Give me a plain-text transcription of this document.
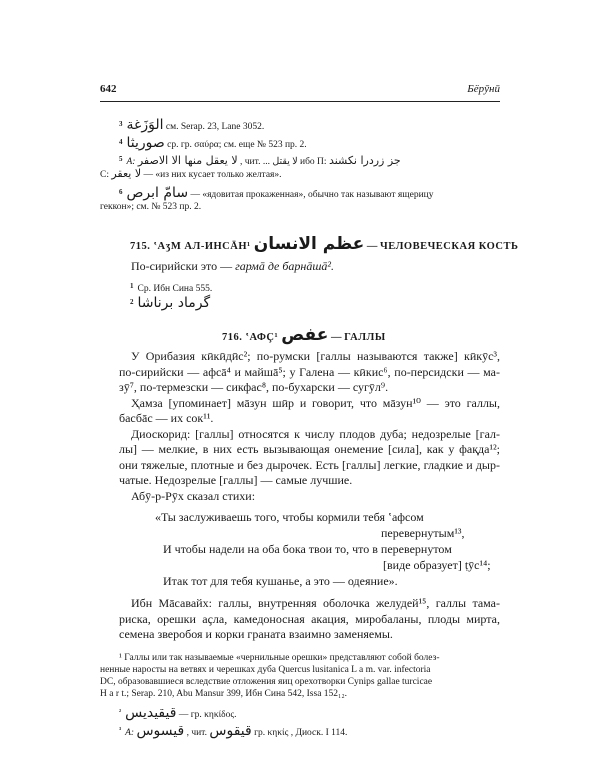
642	Бёрӯнӣ
$^3$ الوَزَغة см. Serap. 23, Lane 3052.
$^4$ صوريثا ср. гр. σαύρα; см. еще № 523 пр. 2.
$^5$ A: لا يعقل منها الا الاصفر , чит. ... لا يقتل ибо П: جز زردرا نكشند
C: لا يعقر — «из них кусает только желтая».
$^6$ سامّ ابرص — «ядовитая прокаженная», обычно так называют ящерицу
геккон»; см. № 523 пр. 2.
715. ʽАʒМ АЛ-ИНСĀН¹ عظم الانسان — ЧЕЛОВЕЧЕСКАЯ КОСТЬ
По-сирийски это — гармā де барнāшā².
$^1$ Ср. Ибн Сина 555.
$^2$ گرماد برناشا
716. ʽАФҪ¹ عفص — ГАЛЛЫ
У Орибазия кӣкӣдӣс²; по-румски [галлы называются также] кӣкӯс³,
по-сирийски — афсā⁴ и майшā⁵; у Галена — кӣкис⁶, по-персидски — ма-
зӯ⁷, по-термезски — сикфас⁸, по-бухарски — сугӯл⁹.
Ҳамза [упоминает] мāзун шӣр и говорит, что мāзун¹⁰ — это галлы,
басбāс — их сок¹¹.
Диоскорид: [галлы] относятся к числу плодов дуба; недозрелые [гал-
лы] — мелкие, в них есть вызывающая онемение [сила], как у фақда¹²;
они тяжелые, плотные и без дырочек. Есть [галлы] легкие, гладкие и дыр-
чатые. Недозрелые [галлы] — самые лучшие.
Абӯ-р-Рӯх сказал стихи:
«Ты заслуживаешь того, чтобы кормили тебя ʽафсом
перевернутым¹³,
И чтобы надели на оба бока твои то, что в перевернутом
[виде образует] ṭӯс¹⁴;
Итак тот для тебя кушанье, а это — одеяние».
Ибн Māсавайх: галлы, внутренняя оболочка желудей¹⁵, галлы тама-
риска, орешки аҫла, камедоносная акация, миробаланы, плоды мирта,
семена зверобоя и корки граната взаимно заменяемы.
¹ Галлы или так называемые «чернильные орешки» представляют собой болез-
ненные наросты на ветвях и черешках дуба Quercus lusitanica L a m. var. infectoria
DC, образовавшиеся вследствие отложения яиц орехотворки Cynips gallae turcicae
H a r t.; Serap. 210, Abu Mansur 399, Ибн Сина 542, Issa 152₁₂.
$^{^2}$ قيقيديس — гр. κηκίδος.
$^{^3}$ A: قيسوس , чит. قيقوس гр. κηκίς , Диоск. I 114.
